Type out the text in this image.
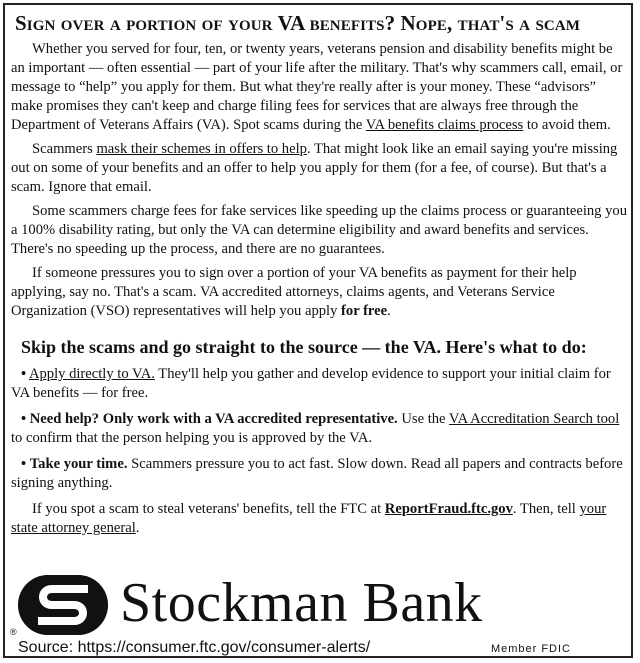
Sign over a portion of your VA benefits? Nope, that's a scam

Whether you served for four, ten, or twenty years, veterans pension and disability benefits might be an important — often essential — part of your life after the military. That's why scammers call, email, or message to “help” you apply for them. But what they're really after is your money. These “advisors” make promises they can't keep and charge filing fees for services that are always free through the Department of Veterans Affairs (VA). Spot scams during the VA benefits claims process to avoid them.

Scammers mask their schemes in offers to help. That might look like an email saying you're missing out on some of your benefits and an offer to help you apply for them (for a fee, of course). But that's a scam. Ignore that email.

Some scammers charge fees for fake services like speeding up the claims process or guaranteeing you a 100% disability rating, but only the VA can determine eligibility and award benefits and services. There's no speeding up the process, and there are no guarantees.

If someone pressures you to sign over a portion of your VA benefits as payment for their help applying, say no. That's a scam. VA accredited attorneys, claims agents, and Veterans Service Organization (VSO) representatives will help you apply for free.

Skip the scams and go straight to the source — the VA. Here's what to do:
• Apply directly to VA. They'll help you gather and develop evidence to support your initial claim for VA benefits — for free.
• Need help? Only work with a VA accredited representative. Use the VA Accreditation Search tool to confirm that the person helping you is approved by the VA.
• Take your time. Scammers pressure you to act fast. Slow down. Read all papers and contracts before signing anything.

If you spot a scam to steal veterans' benefits, tell the FTC at ReportFraud.ftc.gov. Then, tell your state attorney general.

Stockman Bank
®
Source: https://consumer.ftc.gov/consumer-alerts/	Member FDIC
